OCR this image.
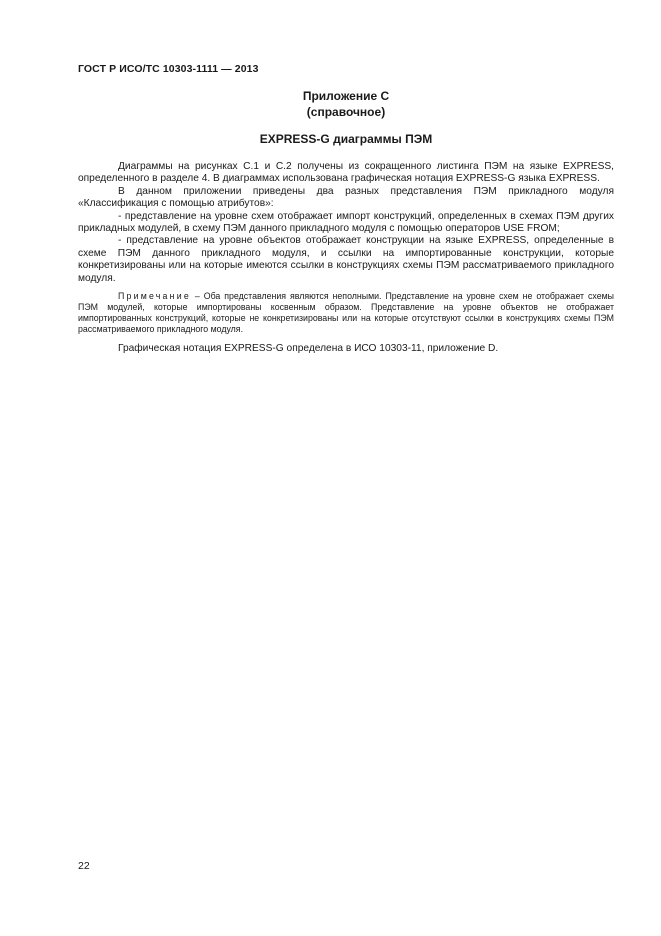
ГОСТ Р ИСО/ТС 10303-1111 — 2013
Приложение С
(справочное)
EXPRESS-G диаграммы ПЭМ

Диаграммы на рисунках С.1 и С.2 получены из сокращенного листинга ПЭМ на языке EXPRESS, определенного в разделе 4. В диаграммах использована графическая нотация EXPRESS-G языка EXPRESS.

В данном приложении приведены два разных представления ПЭМ прикладного модуля «Классификация с помощью атрибутов»:

- представление на уровне схем отображает импорт конструкций, определенных в схемах ПЭМ других прикладных модулей, в схему ПЭМ данного прикладного модуля с помощью операторов USE FROM;

- представление на уровне объектов отображает конструкции на языке EXPRESS, определенные в схеме ПЭМ данного прикладного модуля, и ссылки на импортированные конструкции, которые конкретизированы или на которые имеются ссылки в конструкциях схемы ПЭМ рассматриваемого прикладного модуля.

Примечание – Оба представления являются неполными. Представление на уровне схем не отображает схемы ПЭМ модулей, которые импортированы косвенным образом. Представление на уровне объектов не отображает импортированных конструкций, которые не конкретизированы или на которые отсутствуют ссылки в конструкциях схемы ПЭМ рассматриваемого прикладного модуля.

Графическая нотация EXPRESS-G определена в ИСО 10303-11, приложение D.

22
